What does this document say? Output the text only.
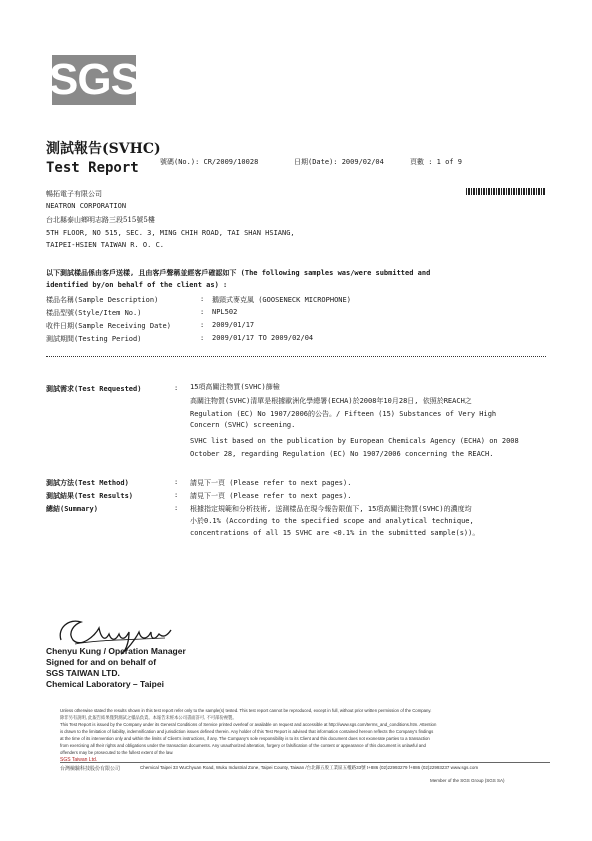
SGS
測試報告(SVHC)
Test Report	號碼(No.): CR/2009/10028	日期(Date): 2009/02/04	頁數 : 1 of 9
暢拓電子有限公司
NEATRON CORPORATION
台北縣泰山鄉明志路三段515號5樓
5TH FLOOR, NO 515, SEC. 3, MING CHIH ROAD, TAI SHAN HSIANG,
TAIPEI-HSIEN TAIWAN R. O. C.
以下測試樣品係由客戶送樣, 且由客戶聲稱並經客戶確認如下 (The following samples was/were submitted and
identified by/on behalf of the client as) :
樣品名稱(Sample Description)	: 鵝頸式麥克風 (GOOSENECK MICROPHONE)
樣品型號(Style/Item No.)	: NPL502
收件日期(Sample Receiving Date)	: 2009/01/17
測試期間(Testing Period)	: 2009/01/17 TO 2009/02/04
測試需求(Test Requested)	: 15項高關注物質(SVHC)篩檢
高關注物質(SVHC)清單是根據歐洲化學總署(ECHA)於2008年10月28日, 依照於REACH之
Regulation (EC) No 1907/2006的公告。/ Fifteen (15) Substances of Very High
Concern (SVHC) screening.
SVHC list based on the publication by European Chemicals Agency (ECHA) on 2008
October 28, regarding Regulation (EC) No 1907/2006 concerning the REACH.
測試方法(Test Method)	: 請見下一頁 (Please refer to next pages).
測試結果(Test Results)	: 請見下一頁 (Please refer to next pages).
總結(Summary)	: 根據指定規範和分析技術, 送測樣品在現今報告限值下, 15項高關注物質(SVHC)的濃度均
小於0.1% (According to the specified scope and analytical technique,
concentrations of all 15 SVHC are <0.1% in the submitted sample(s))。
Chenyu Kung / Operation Manager
Signed for and on behalf of
SGS TAIWAN LTD.
Chemical Laboratory – Taipei
Unless otherwise stated the results shown in this test report refer only to the sample(s) tested. This test report cannot be reproduced, except in full, without prior written permission of the Company.
除非另有說明, 此報告結果僅對測試之樣品負責。本報告未經本公司書面許可, 不可部份複製。
This Test Report is issued by the Company under its General Conditions of Service printed overleaf or available on request and accessible at http://www.sgs.com/terms_and_conditions.htm. Attention
is drawn to the limitation of liability, indemnification and jurisdiction issues defined therein. Any holder of this Test Report is advised that information contained hereon reflects the Company's findings
at the time of its intervention only and within the limits of Client's instructions, if any. The Company's sole responsibility is to its Client and this document does not exonerate parties to a transaction
from exercising all their rights and obligations under the transaction documents. Any unauthorized alteration, forgery or falsification of the content or appearance of this document is unlawful and
offenders may be prosecuted to the fullest extent of the law.
SGS Taiwan Ltd.
台灣檢驗科技股份有限公司	Chemical Taipei 33 WuChyuan Road, Wuku Industrial Zone, Taipei County, Taiwan /台北縣五股工業區五權路33號 t+886 (02)22993279 f+886 (02)22993237 www.sgs.com
Member of the SGS Group (SGS SA)
